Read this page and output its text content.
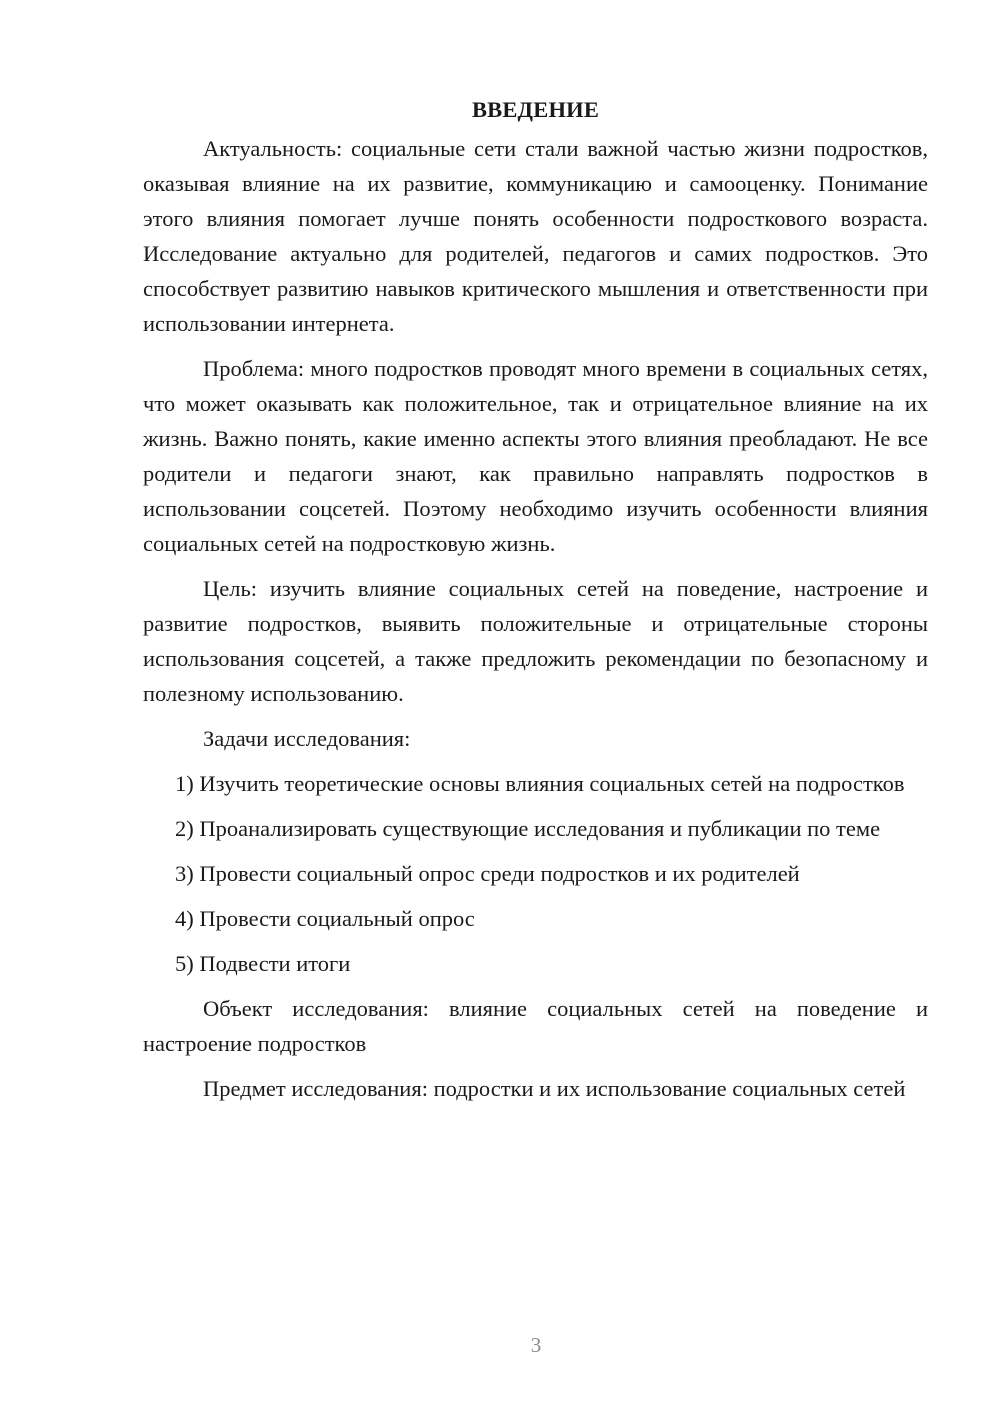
ВВЕДЕНИЕ

Актуальность: социальные сети стали важной частью жизни подростков, оказывая влияние на их развитие, коммуникацию и самооценку. Понимание этого влияния помогает лучше понять особенности подросткового возраста. Исследование актуально для родителей, педагогов и самих подростков. Это способствует развитию навыков критического мышления и ответственности при использовании интернета.

Проблема: много подростков проводят много времени в социальных сетях, что может оказывать как положительное, так и отрицательное влияние на их жизнь. Важно понять, какие именно аспекты этого влияния преобладают. Не все родители и педагоги знают, как правильно направлять подростков в использовании соцсетей. Поэтому необходимо изучить особенности влияния социальных сетей на подростковую жизнь.

Цель: изучить влияние социальных сетей на поведение, настроение и развитие подростков, выявить положительные и отрицательные стороны использования соцсетей, а также предложить рекомендации по безопасному и полезному использованию.

Задачи исследования:

1) Изучить теоретические основы влияния социальных сетей на подростков

2) Проанализировать существующие исследования и публикации по теме

3) Провести социальный опрос среди подростков и их родителей

4) Провести социальный опрос

5) Подвести итоги

Объект исследования: влияние социальных сетей на поведение и настроение подростков

Предмет исследования: подростки и их использование социальных сетей

3
